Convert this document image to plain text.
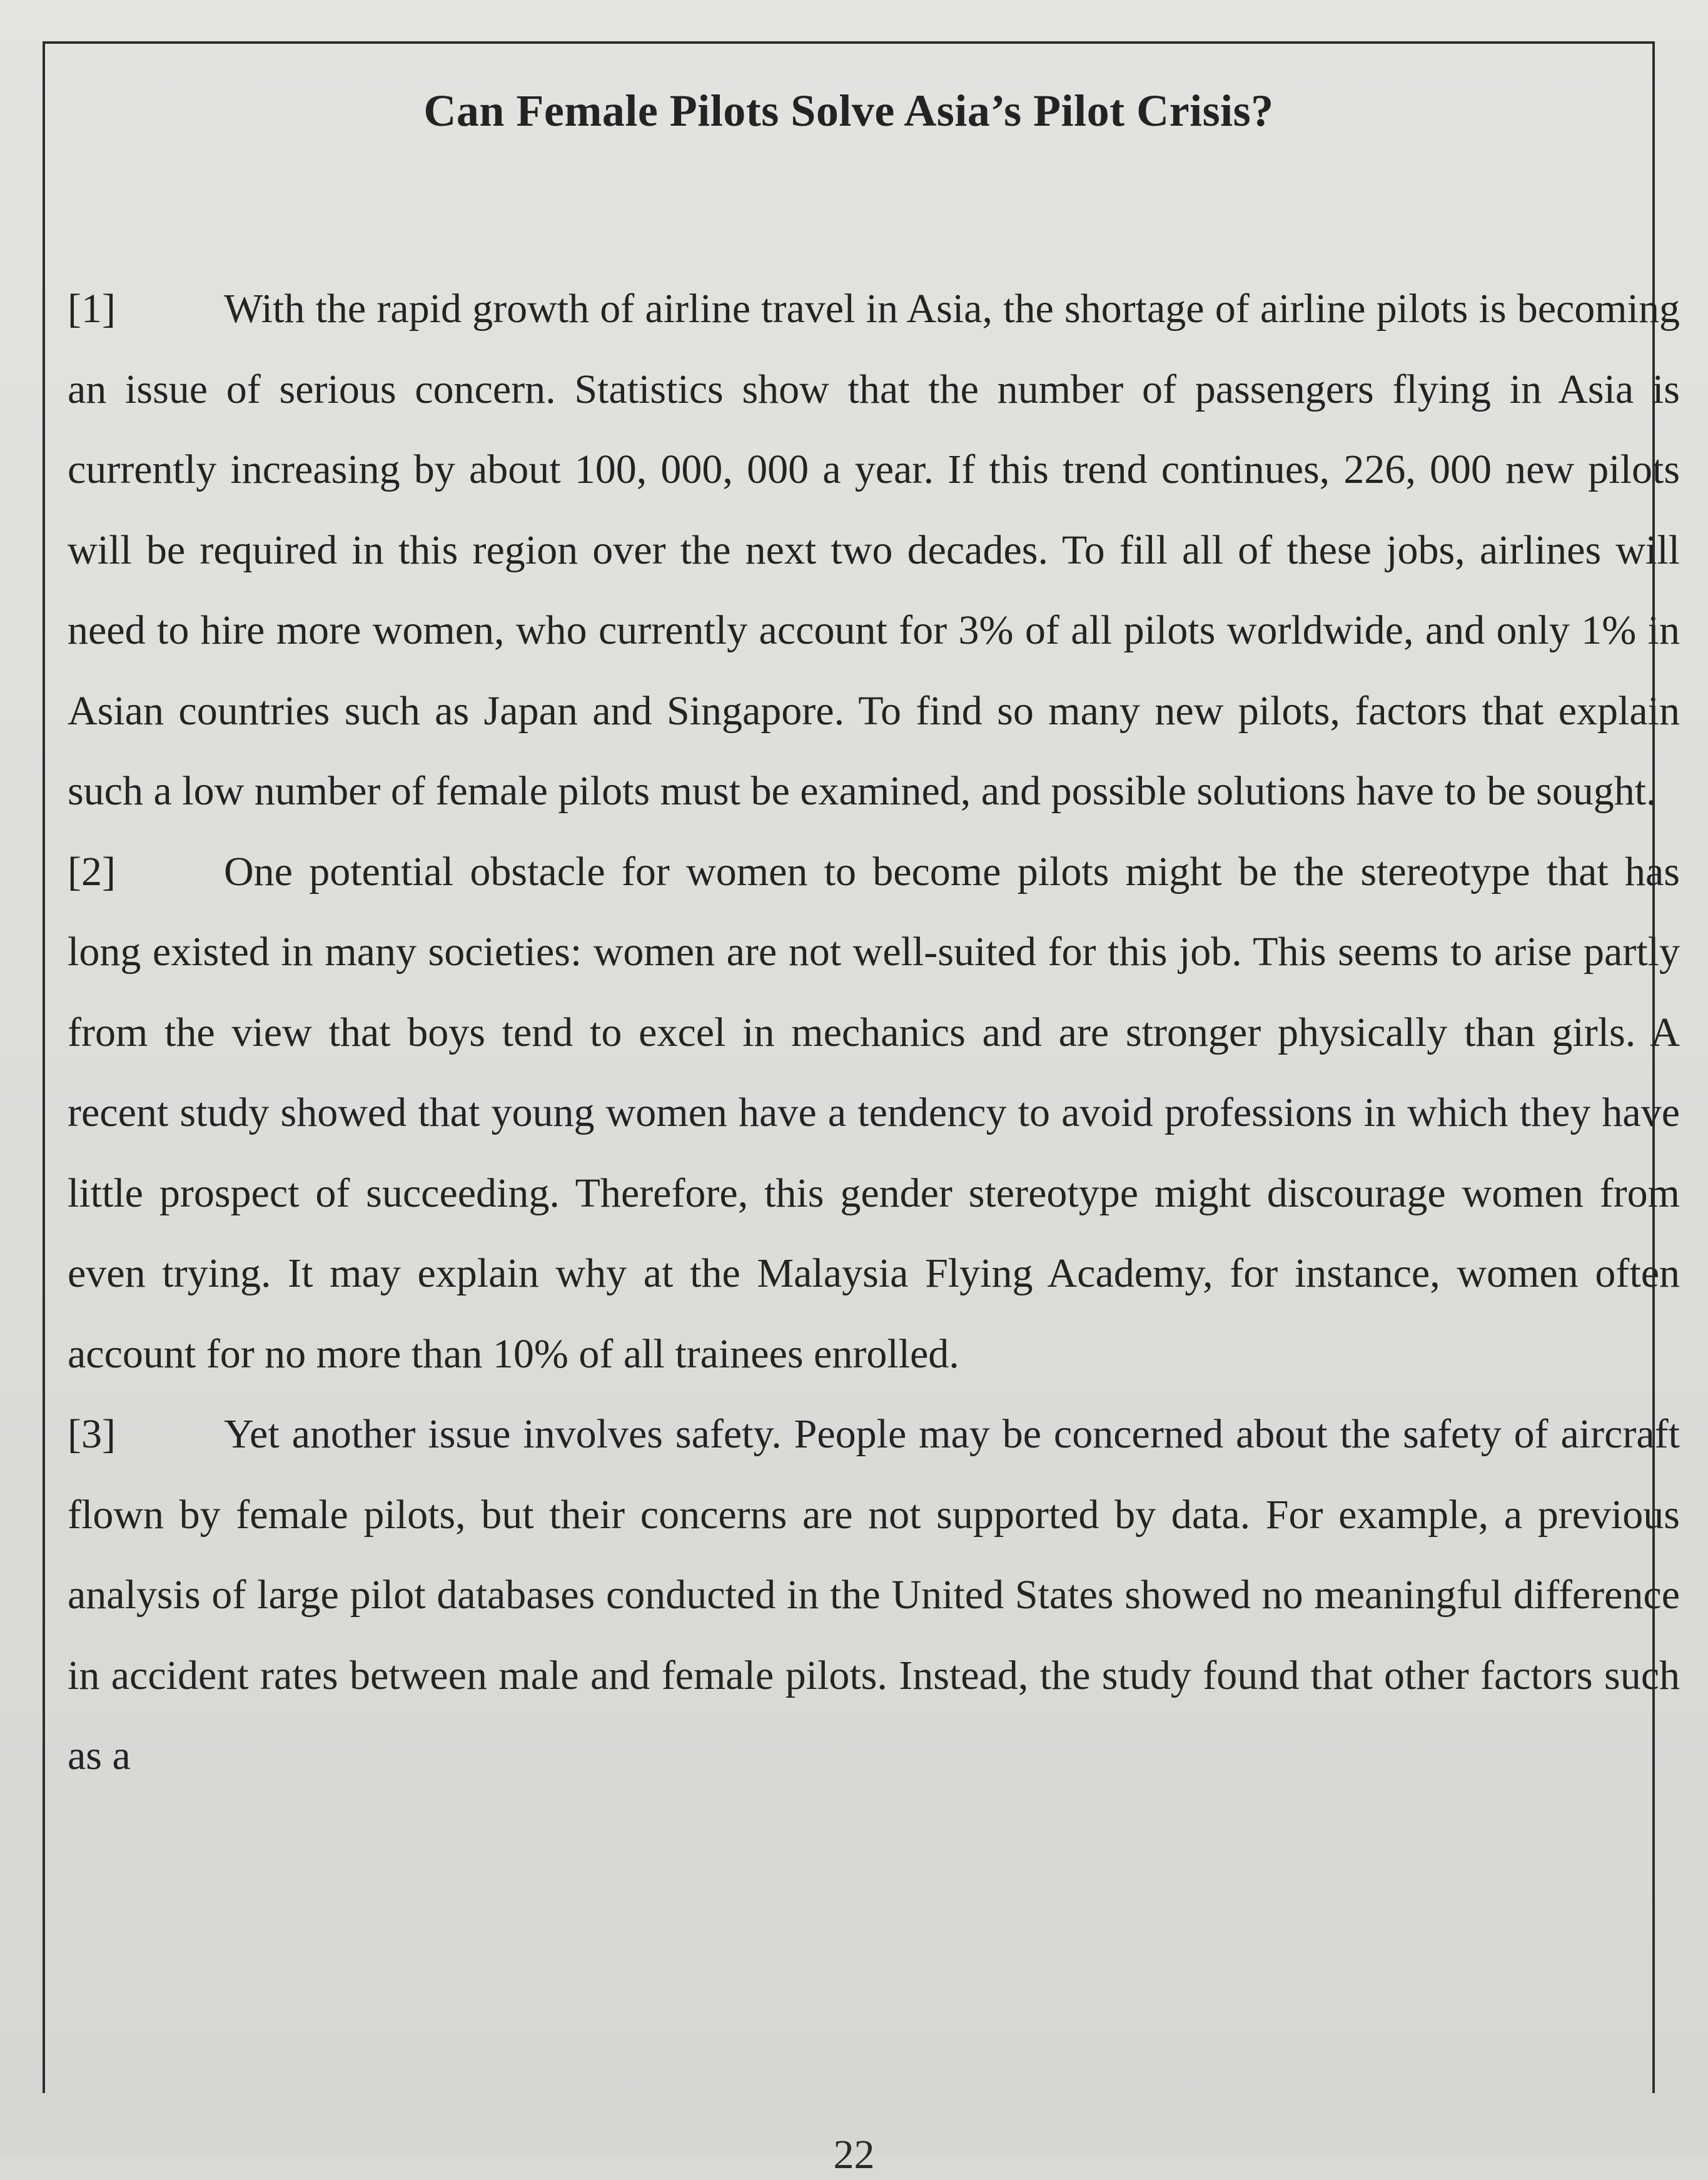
Can Female Pilots Solve Asia’s Pilot Crisis?

[1]	With the rapid growth of airline travel in Asia, the shortage of airline pilots is becoming an issue of serious concern. Statistics show that the number of passengers flying in Asia is currently increasing by about 100, 000, 000 a year. If this trend continues, 226, 000 new pilots will be required in this region over the next two decades. To fill all of these jobs, airlines will need to hire more women, who currently account for 3% of all pilots worldwide, and only 1% in Asian countries such as Japan and Singapore. To find so many new pilots, factors that explain such a low number of female pilots must be examined, and possible solutions have to be sought.

[2]	One potential obstacle for women to become pilots might be the stereotype that has long existed in many societies: women are not well-suited for this job. This seems to arise partly from the view that boys tend to excel in mechanics and are stronger physically than girls. A recent study showed that young women have a tendency to avoid professions in which they have little prospect of succeeding. Therefore, this gender stereotype might discourage women from even trying. It may explain why at the Malaysia Flying Academy, for instance, women often account for no more than 10% of all trainees enrolled.

[3]	Yet another issue involves safety. People may be concerned about the safety of aircraft flown by female pilots, but their concerns are not supported by data. For example, a previous analysis of large pilot databases conducted in the United States showed no meaningful difference in accident rates between male and female pilots. Instead, the study found that other factors such as a

22
